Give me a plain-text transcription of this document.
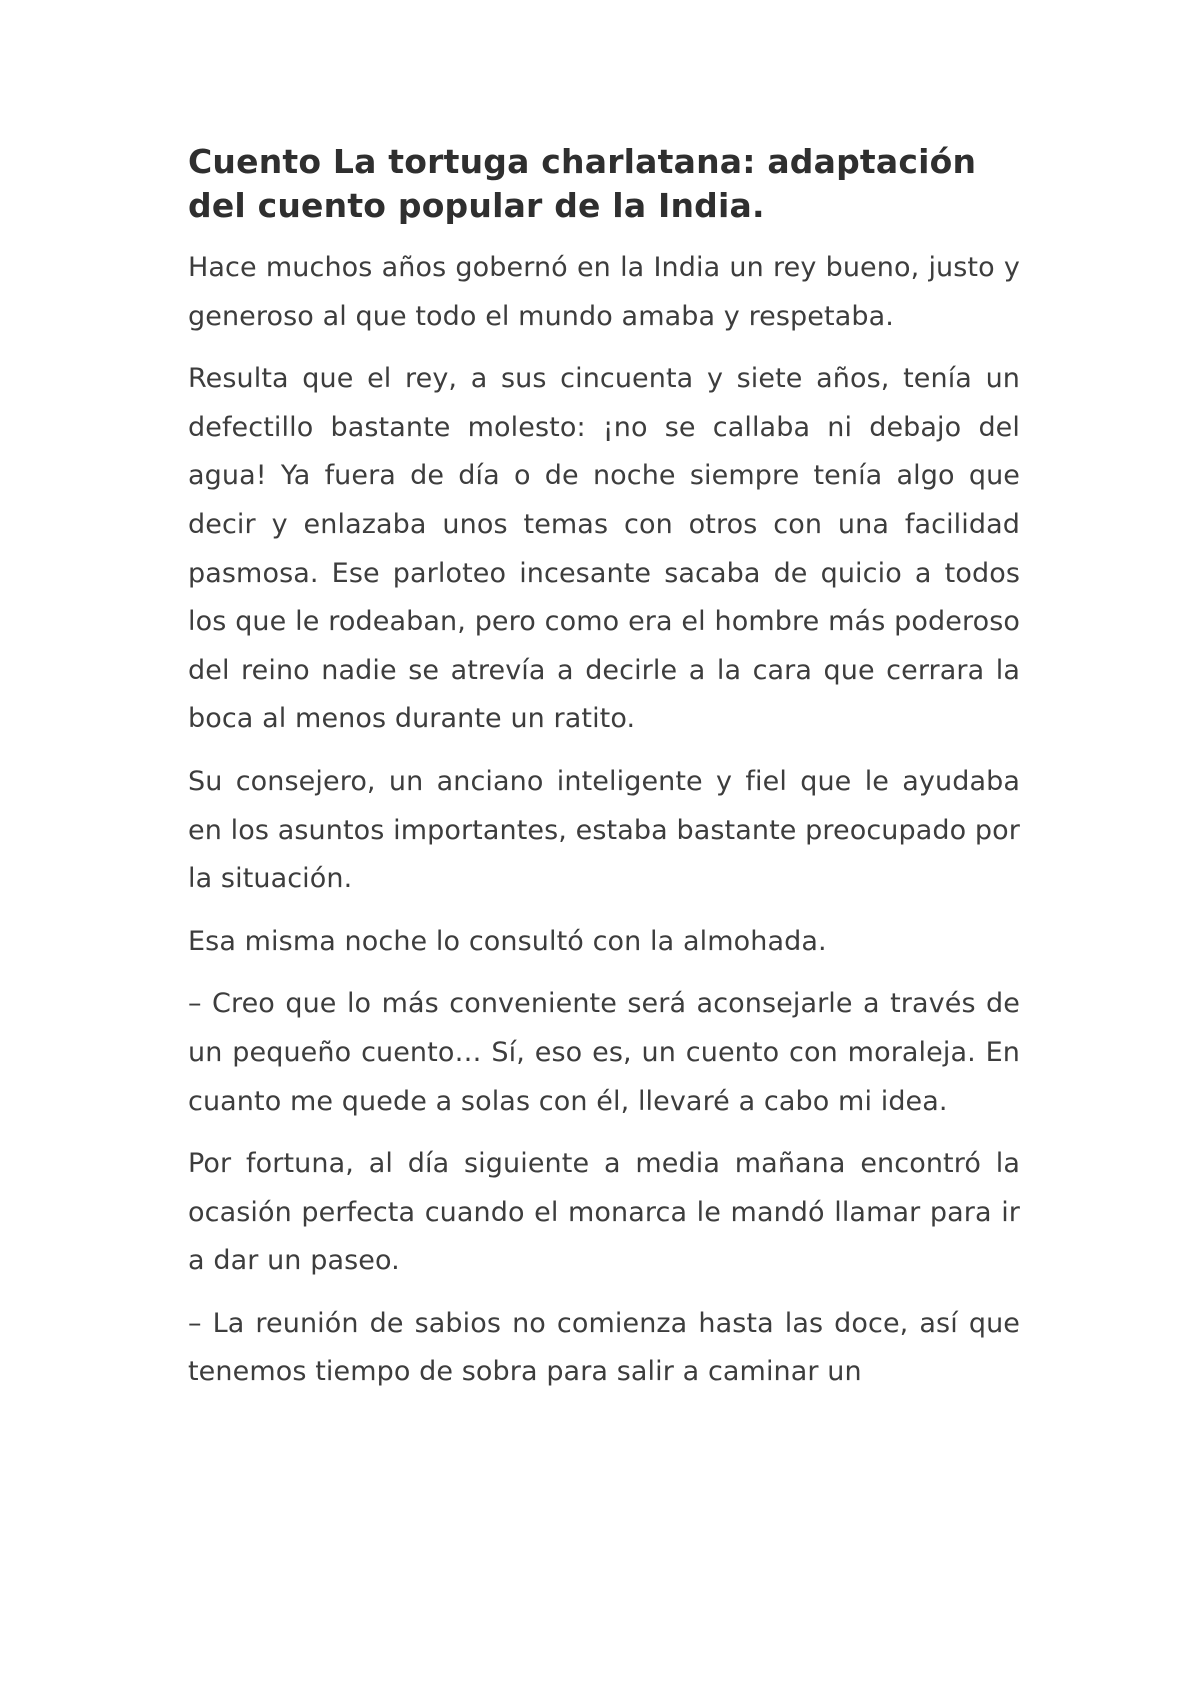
Cuento La tortuga charlatana: adaptación del cuento popular de la India.

Hace muchos años gobernó en la India un rey bueno, justo y generoso al que todo el mundo amaba y respetaba.

Resulta que el rey, a sus cincuenta y siete años, tenía un defectillo bastante molesto: ¡no se callaba ni debajo del agua! Ya fuera de día o de noche siempre tenía algo que decir y enlazaba unos temas con otros con una facilidad pasmosa. Ese parloteo incesante sacaba de quicio a todos los que le rodeaban, pero como era el hombre más poderoso del reino nadie se atrevía a decirle a la cara que cerrara la boca al menos durante un ratito.

Su consejero, un anciano inteligente y fiel que le ayudaba en los asuntos importantes, estaba bastante preocupado por la situación.

Esa misma noche lo consultó con la almohada.

– Creo que lo más conveniente será aconsejarle a través de un pequeño cuento… Sí, eso es, un cuento con moraleja. En cuanto me quede a solas con él, llevaré a cabo mi idea.

Por fortuna, al día siguiente a media mañana encontró la ocasión perfecta cuando el monarca le mandó llamar para ir a dar un paseo.

– La reunión de sabios no comienza hasta las doce, así que tenemos tiempo de sobra para salir a caminar un
